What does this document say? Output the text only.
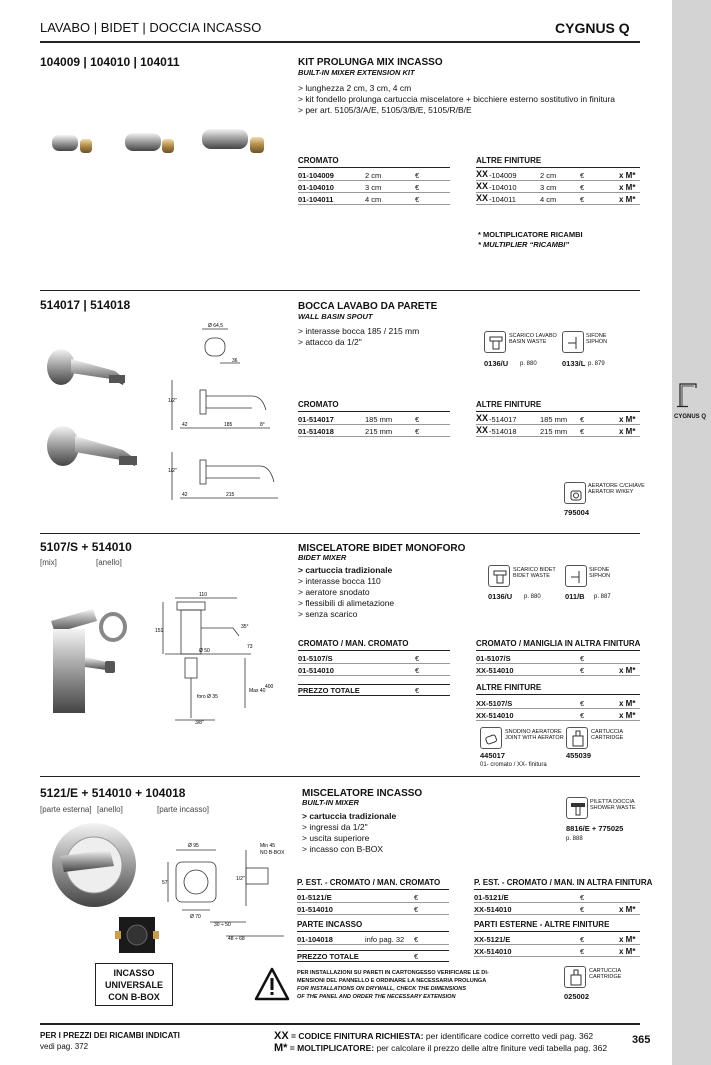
CYGNUS Q
LAVABO | BIDET | DOCCIA INCASSO	CYGNUS Q
104009 | 104010 | 104011	KIT PROLUNGA MIX INCASSO
BUILT-IN MIXER EXTENSION KIT
> lunghezza 2 cm, 3 cm, 4 cm
> kit fondello prolunga cartuccia miscelatore + bicchiere esterno sostitutivo in finitura
> per art. 5105/3/A/E, 5105/3/B/E, 5105/R/B/E
CROMATO
01-104009	2 cm	€
01-104010	3 cm	€
01-104011	4 cm	€
ALTRE FINITURE
XX -104009	2 cm	€	x M*
XX -104010	3 cm	€	x M*
XX -104011	4 cm	€	x M*
* MOLTIPLICATORE RICAMBI
* MULTIPLIER “RICAMBI”
514017 | 514018	BOCCA LAVABO DA PARETE
WALL BASIN SPOUT
> interasse bocca 185 / 215 mm
> attacco da 1/2"
Ø 64,5
36
1/2"
42	185	8°
1/2"
42	215
SCARICO LAVABO
BASIN WASTE
0136/U p. 880
SIFONE
SIPHON
0133/L p. 879
CROMATO
01-514017	185 mm	€
01-514018	215 mm	€
ALTRE FINITURE
XX -514017	185 mm €	x M*
XX -514018	215 mm €	x M*
AERATORE C/CHIAVE
AERATOR W/KEY
795004
5107/S + 514010
[mix]	[anello]
MISCELATORE BIDET MONOFORO
BIDET MIXER
> cartuccia tradizionale
> interasse bocca 110
> aeratore snodato
> flessibili di alimetazione
> senza scarico
110
151
Ø 50
73
35°
foro Ø 35
Max 40
400
3/8"
SCARICO BIDET
BIDET WASTE
0136/U p. 880
SIFONE
SIPHON
011/B p. 887
CROMATO / MAN. CROMATO
01-5107/S	€
01-514010	€
PREZZO TOTALE	€
CROMATO / MANIGLIA IN ALTRA FINITURA
01-5107/S	€
XX-514010	€	x M*
ALTRE FINITURE
XX-5107/S	€	x M*
XX-514010	€	x M*
SNODINO AERATORE
JOINT WITH AERATOR
445017
01- cromato / XX- finitura
CARTUCCIA
CARTRIDGE
455039
5121/E + 514010 + 104018
[parte esterna] [anello]	[parte incasso]
MISCELATORE INCASSO
BUILT-IN MIXER
> cartuccia tradizionale
> ingressi da 1/2"
> uscita superiore
> incasso con B-BOX
Ø 95
57
Ø 70
Min 45
NO B-BOX
30 ÷ 50
48 ÷ 68
1/2"
PILETTA DOCCIA
SHOWER WASTE
8816/E + 775025
p. 888
P. EST. - CROMATO / MAN. CROMATO
01-5121/E	€
01-514010	€
PARTE INCASSO
01-104018	info pag. 32 €
PREZZO TOTALE	€
P. EST. - CROMATO / MAN. IN ALTRA FINITURA
01-5121/E	€
XX-514010	€	x M*
PARTI ESTERNE - ALTRE FINITURE
XX-5121/E	€	x M*
XX-514010	€	x M*
INCASSO
UNIVERSALE
CON B-BOX
PER INSTALLAZIONI SU PARETI IN CARTONGESSO VERIFICARE LE DI-
MENSIONI DEL PANNELLO E ORDINARE LA NECESSARIA PROLUNGA
FOR INSTALLATIONS ON DRYWALL, CHECK THE DIMENSIONS
OF THE PANEL AND ORDER THE NECESSARY EXTENSION
CARTUCCIA
CARTRIDGE
025002
PER I PREZZI DEI RICAMBI INDICATI
vedi pag. 372
XX = CODICE FINITURA RICHIESTA: per identificare codice corretto vedi pag. 362
M* = MOLTIPLICATORE: per calcolare il prezzo delle altre finiture vedi tabella pag. 362
365
